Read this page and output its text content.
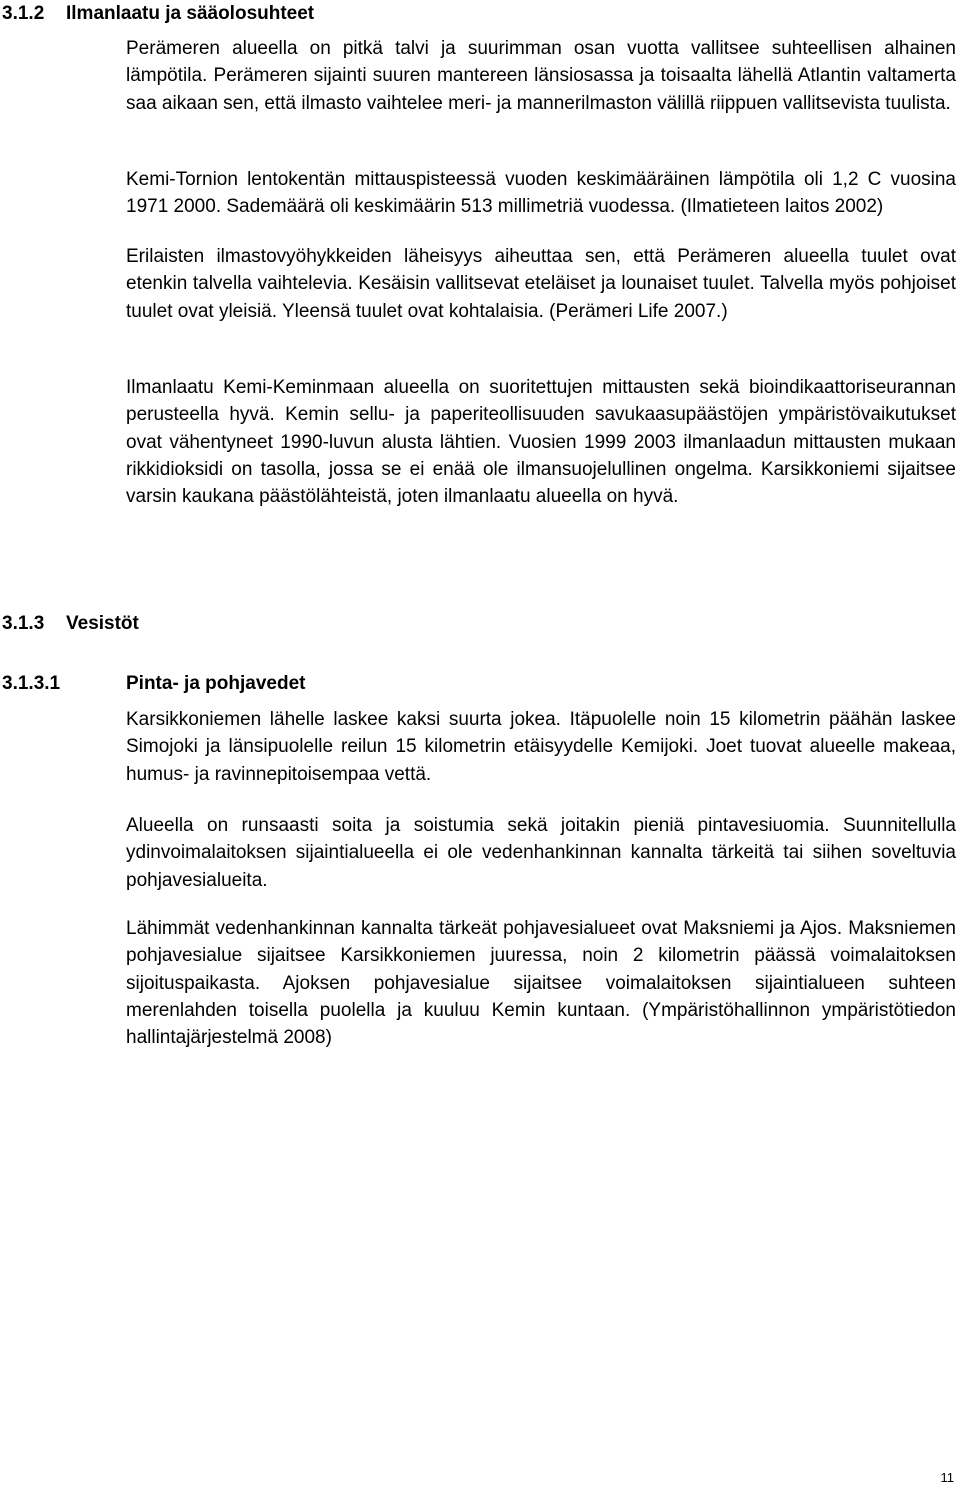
3.1.2 Ilmanlaatu ja sääolosuhteet

Perämeren alueella on pitkä talvi ja suurimman osan vuotta vallitsee suhteellisen alhainen lämpötila. Perämeren sijainti suuren mantereen länsiosassa ja toisaalta lähellä Atlantin valtamerta saa aikaan sen, että ilmasto vaihtelee meri- ja mannerilmaston välillä riippuen vallitsevista tuulista.

Kemi-Tornion lentokentän mittauspisteessä vuoden keskimääräinen lämpötila oli 1,2 C vuosina 1971 2000. Sademäärä oli keskimäärin 513 millimetriä vuodessa. (Ilmatieteen laitos 2002)

Erilaisten ilmastovyöhykkeiden läheisyys aiheuttaa sen, että Perämeren alueella tuulet ovat etenkin talvella vaihtelevia. Kesäisin vallitsevat eteläiset ja lounaiset tuulet. Talvella myös pohjoiset tuulet ovat yleisiä. Yleensä tuulet ovat kohtalaisia. (Perämeri Life 2007.)

Ilmanlaatu Kemi-Keminmaan alueella on suoritettujen mittausten sekä bioindikaattoriseurannan perusteella hyvä. Kemin sellu- ja paperiteollisuuden savukaasupäästöjen ympäristövaikutukset ovat vähentyneet 1990-luvun alusta lähtien. Vuosien 1999 2003 ilmanlaadun mittausten mukaan rikkidioksidi on tasolla, jossa se ei enää ole ilmansuojelullinen ongelma. Karsikkoniemi sijaitsee varsin kaukana päästölähteistä, joten ilmanlaatu alueella on hyvä.

3.1.3 Vesistöt
3.1.3.1	Pinta- ja pohjavedet

Karsikkoniemen lähelle laskee kaksi suurta jokea. Itäpuolelle noin 15 kilometrin päähän laskee Simojoki ja länsipuolelle reilun 15 kilometrin etäisyydelle Kemijoki. Joet tuovat alueelle makeaa, humus- ja ravinnepitoisempaa vettä.

Alueella on runsaasti soita ja soistumia sekä joitakin pieniä pintavesiuomia. Suunnitellulla ydinvoimalaitoksen sijaintialueella ei ole vedenhankinnan kannalta tärkeitä tai siihen soveltuvia pohjavesialueita.

Lähimmät vedenhankinnan kannalta tärkeät pohjavesialueet ovat Maksniemi ja Ajos. Maksniemen pohjavesialue sijaitsee Karsikkoniemen juuressa, noin 2 kilometrin päässä voimalaitoksen sijoituspaikasta. Ajoksen pohjavesialue sijaitsee voimalaitoksen sijaintialueen suhteen merenlahden toisella puolella ja kuuluu Kemin kuntaan. (Ympäristöhallinnon ympäristötiedon hallintajärjestelmä 2008)

11
